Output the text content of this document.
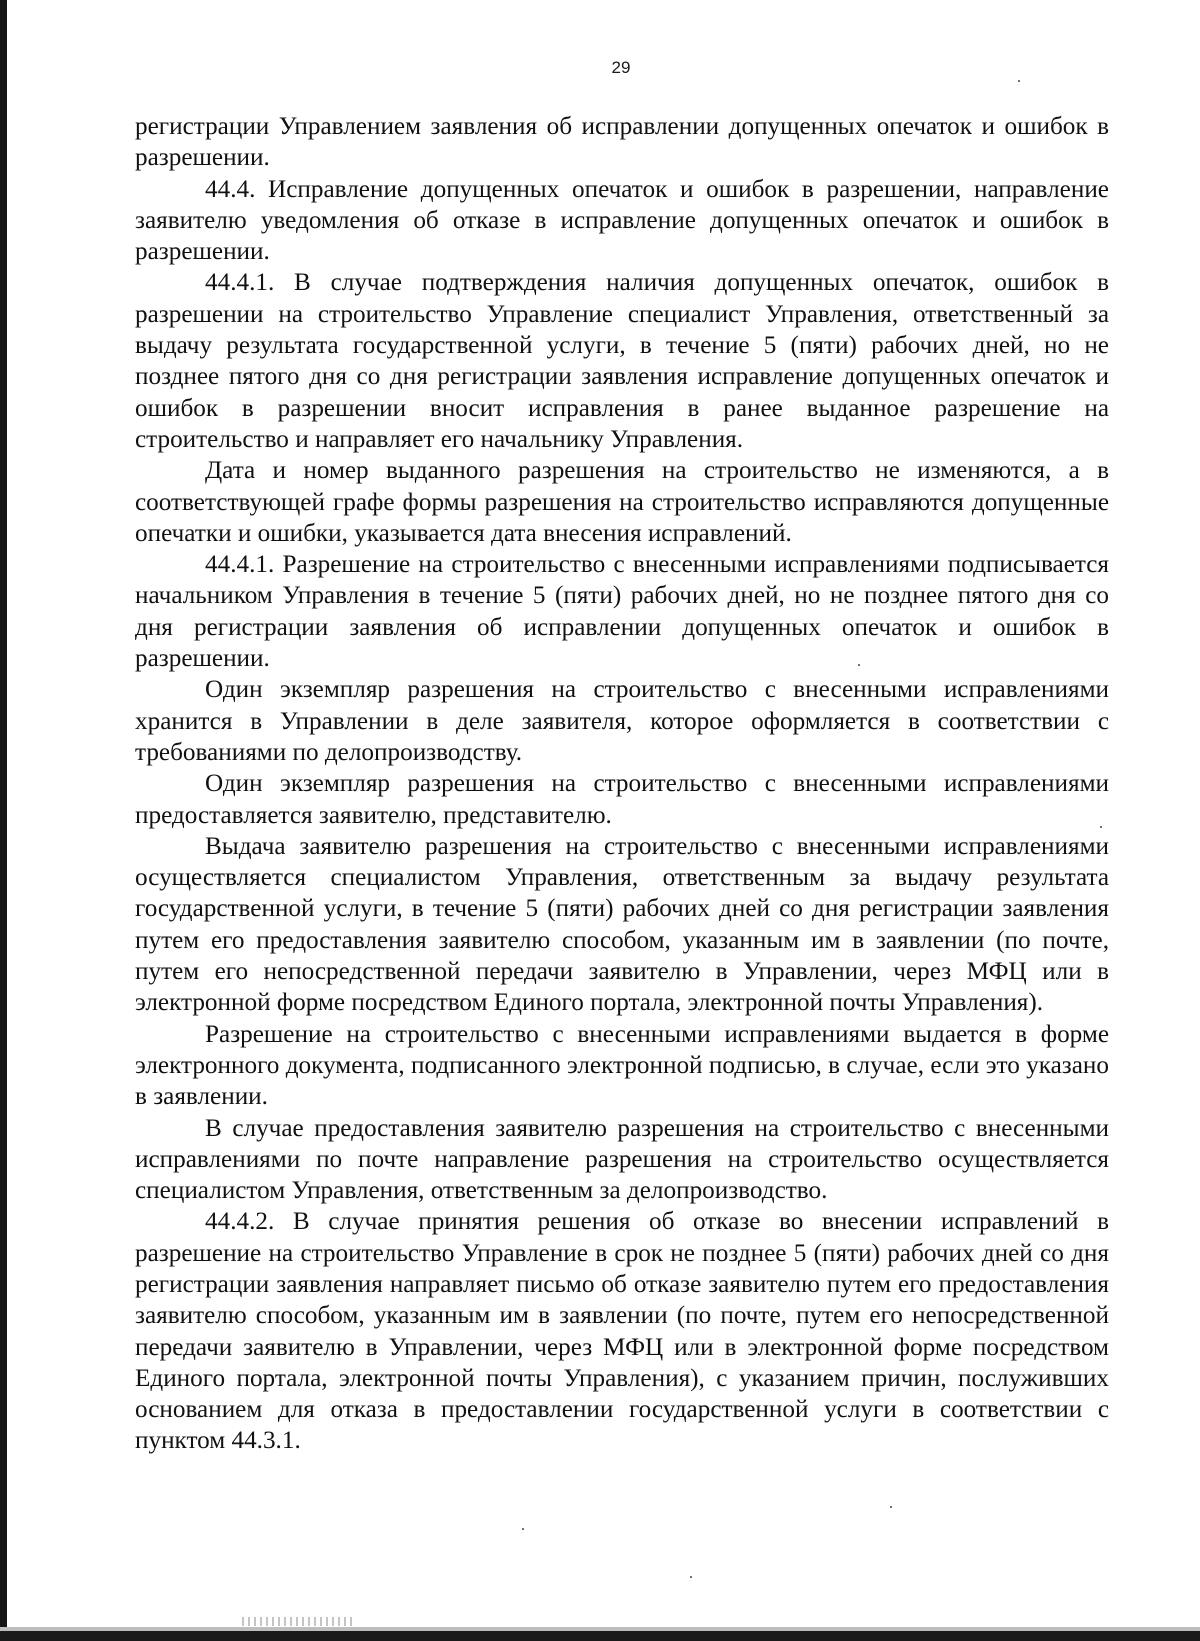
29

регистрации Управлением заявления об исправлении допущенных опечаток и ошибок в разрешении.

44.4. Исправление допущенных опечаток и ошибок в разрешении, направление заявителю уведомления об отказе в исправление допущенных опечаток и ошибок в разрешении.

44.4.1. В случае подтверждения наличия допущенных опечаток, ошибок в разрешении на строительство Управление специалист Управления, ответственный за выдачу результата государственной услуги, в течение 5 (пяти) рабочих дней, но не позднее пятого дня со дня регистрации заявления исправление допущенных опечаток и ошибок в разрешении вносит исправления в ранее выданное разрешение на строительство и направляет его начальнику Управления.

Дата и номер выданного разрешения на строительство не изменяются, а в соответствующей графе формы разрешения на строительство исправляются допущенные опечатки и ошибки, указывается дата внесения исправлений.

44.4.1. Разрешение на строительство с внесенными исправлениями подписывается начальником Управления в течение 5 (пяти) рабочих дней, но не позднее пятого дня со дня регистрации заявления об исправлении допущенных опечаток и ошибок в разрешении.

Один экземпляр разрешения на строительство с внесенными исправлениями хранится в Управлении в деле заявителя, которое оформляется в соответствии с требованиями по делопроизводству.

Один экземпляр разрешения на строительство с внесенными исправлениями предоставляется заявителю, представителю.

Выдача заявителю разрешения на строительство с внесенными исправлениями осуществляется специалистом Управления, ответственным за выдачу результата государственной услуги, в течение 5 (пяти) рабочих дней со дня регистрации заявления путем его предоставления заявителю способом, указанным им в заявлении (по почте, путем его непосредственной передачи заявителю в Управлении, через МФЦ или в электронной форме посредством Единого портала, электронной почты Управления).

Разрешение на строительство с внесенными исправлениями выдается в форме электронного документа, подписанного электронной подписью, в случае, если это указано в заявлении.

В случае предоставления заявителю разрешения на строительство с внесенными исправлениями по почте направление разрешения на строительство осуществляется специалистом Управления, ответственным за делопроизводство.

44.4.2. В случае принятия решения об отказе во внесении исправлений в разрешение на строительство Управление в срок не позднее 5 (пяти) рабочих дней со дня регистрации заявления направляет письмо об отказе заявителю путем его предоставления заявителю способом, указанным им в заявлении (по почте, путем его непосредственной передачи заявителю в Управлении, через МФЦ или в электронной форме посредством Единого портала, электронной почты Управления), с указанием причин, послуживших основанием для отказа в предоставлении государственной услуги в соответствии с пунктом 44.3.1.
